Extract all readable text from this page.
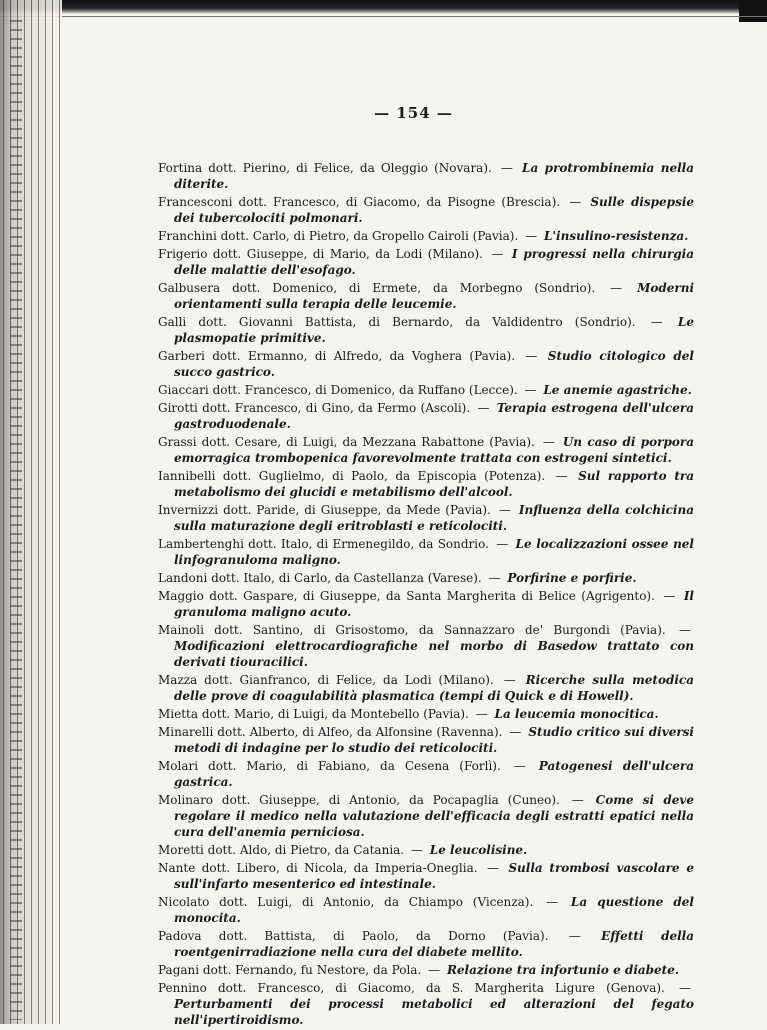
— 154 —

Fortina dott. Pierino, di Felice, da Oleggio (Novara). — La protrombinemia nella diterite.

Francesconi dott. Francesco, di Giacomo, da Pisogne (Brescia). — Sulle dispepsie dei tubercolociti polmonari.

Franchini dott. Carlo, di Pietro, da Gropello Cairoli (Pavia). — L'insulino-resistenza.

Frigerio dott. Giuseppe, di Mario, da Lodi (Milano). — I progressi nella chirurgia delle malattie dell'esofago.

Galbusera dott. Domenico, di Ermete, da Morbegno (Sondrio). — Moderni orientamenti sulla terapia delle leucemie.

Galli dott. Giovanni Battista, di Bernardo, da Valdidentro (Sondrio). — Le plasmopatie primitive.

Garberi dott. Ermanno, di Alfredo, da Voghera (Pavia). — Studio citologico del succo gastrico.

Giaccari dott. Francesco, di Domenico, da Ruffano (Lecce). — Le anemie agastriche.

Girotti dott. Francesco, di Gino, da Fermo (Ascoli). — Terapia estrogena dell'ulcera gastroduodenale.

Grassi dott. Cesare, di Luigi, da Mezzana Rabattone (Pavia). — Un caso di porpora emorragica trombopenica favorevolmente trattata con estrogeni sintetici.

Iannibelli dott. Guglielmo, di Paolo, da Episcopia (Potenza). — Sul rapporto tra metabolismo dei glucidi e metabilismo dell'alcool.

Invernizzi dott. Paride, di Giuseppe, da Mede (Pavia). — Influenza della colchicina sulla maturazione degli eritroblasti e reticolociti.

Lambertenghi dott. Italo, di Ermenegildo, da Sondrio. — Le localizzazioni ossee nel linfogranuloma maligno.

Landoni dott. Italo, di Carlo, da Castellanza (Varese). — Porfirine e porfirie.

Maggio dott. Gaspare, di Giuseppe, da Santa Margherita di Belice (Agrigento). — Il granuloma maligno acuto.

Mainoli dott. Santino, di Grisostomo, da Sannazzaro de' Burgondi (Pavia). — Modificazioni elettrocardiografiche nel morbo di Basedow trattato con derivati tiouracilici.

Mazza dott. Gianfranco, di Felice, da Lodi (Milano). — Ricerche sulla metodica delle prove di coagulabilità plasmatica (tempi di Quick e di Howell).

Mietta dott. Mario, di Luigi, da Montebello (Pavia). — La leucemia monocitica.

Minarelli dott. Alberto, di Alfeo, da Alfonsine (Ravenna). — Studio critico sui diversi metodi di indagine per lo studio dei reticolociti.

Molari dott. Mario, di Fabiano, da Cesena (Forlì). — Patogenesi dell'ulcera gastrica.

Molinaro dott. Giuseppe, di Antonio, da Pocapaglia (Cuneo). — Come si deve regolare il medico nella valutazione dell'efficacia degli estratti epatici nella cura dell'anemia perniciosa.

Moretti dott. Aldo, di Pietro, da Catania. — Le leucolisine.

Nante dott. Libero, di Nicola, da Imperia-Oneglia. — Sulla trombosi vascolare e sull'infarto mesenterico ed intestinale.

Nicolato dott. Luigi, di Antonio, da Chiampo (Vicenza). — La questione del monocita.

Padova dott. Battista, di Paolo, da Dorno (Pavia). — Effetti della roentgenirradiazione nella cura del diabete mellito.

Pagani dott. Fernando, fu Nestore, da Pola. — Relazione tra infortunio e diabete.

Pennino dott. Francesco, di Giacomo, da S. Margherita Ligure (Genova). — Perturbamenti dei processi metabolici ed alterazioni del fegato nell'ipertiroidismo.
